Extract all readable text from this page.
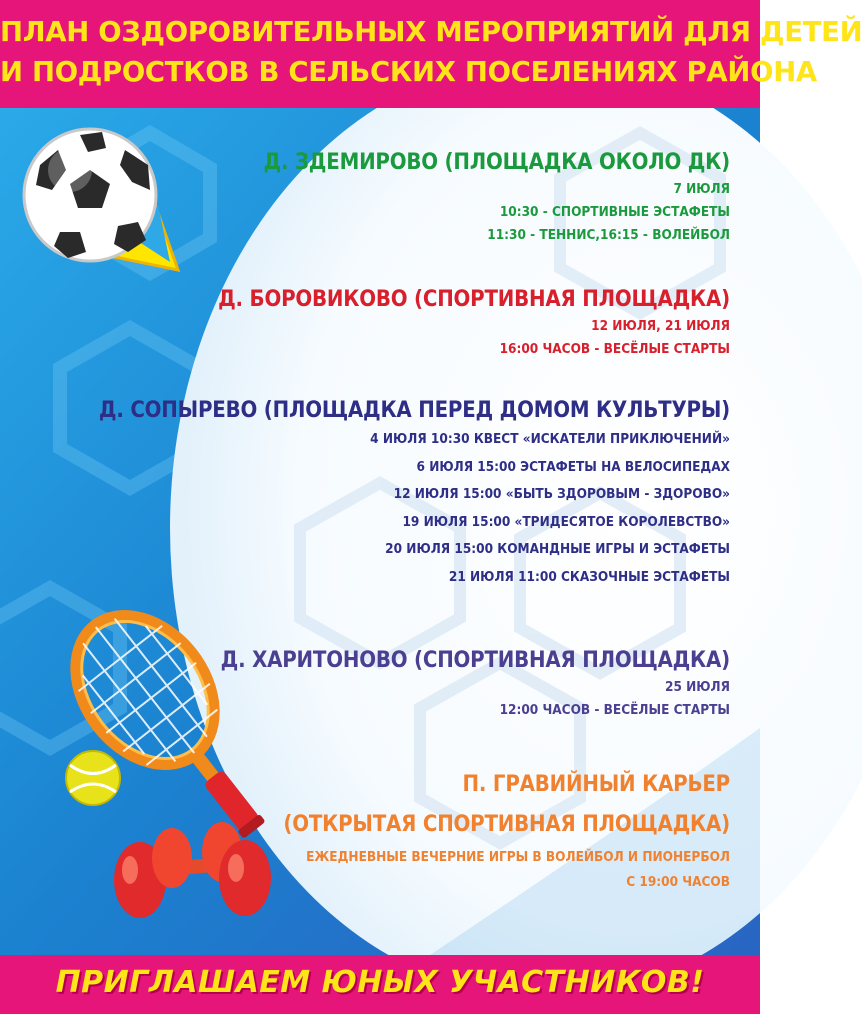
ПЛАН ОЗДОРОВИТЕЛЬНЫХ МЕРОПРИЯТИЙ ДЛЯ ДЕТЕЙ
И ПОДРОСТКОВ В СЕЛЬСКИХ ПОСЕЛЕНИЯХ РАЙОНА
Д. ЗДЕМИРОВО (ПЛОЩАДКА ОКОЛО ДК)

7 ИЮЛЯ

10:30 - СПОРТИВНЫЕ ЭСТАФЕТЫ

11:30 - ТЕННИС,16:15 - ВОЛЕЙБОЛ

Д. БОРОВИКОВО (СПОРТИВНАЯ ПЛОЩАДКА)

12 ИЮЛЯ, 21 ИЮЛЯ

16:00 ЧАСОВ - ВЕСЁЛЫЕ СТАРТЫ

Д. СОПЫРЕВО (ПЛОЩАДКА ПЕРЕД ДОМОМ КУЛЬТУРЫ)

4 ИЮЛЯ 10:30 КВЕСТ «ИСКАТЕЛИ ПРИКЛЮЧЕНИЙ»

6 ИЮЛЯ 15:00 ЭСТАФЕТЫ НА ВЕЛОСИПЕДАХ

12 ИЮЛЯ 15:00 «БЫТЬ ЗДОРОВЫМ - ЗДОРОВО»

19 ИЮЛЯ 15:00 «ТРИДЕСЯТОЕ КОРОЛЕВСТВО»

20 ИЮЛЯ 15:00 КОМАНДНЫЕ ИГРЫ И ЭСТАФЕТЫ

21 ИЮЛЯ 11:00 СКАЗОЧНЫЕ ЭСТАФЕТЫ

Д. ХАРИТОНОВО (СПОРТИВНАЯ ПЛОЩАДКА)

25 ИЮЛЯ

12:00 ЧАСОВ - ВЕСЁЛЫЕ СТАРТЫ

П. ГРАВИЙНЫЙ КАРЬЕР
(ОТКРЫТАЯ СПОРТИВНАЯ ПЛОЩАДКА)

ЕЖЕДНЕВНЫЕ ВЕЧЕРНИЕ ИГРЫ В ВОЛЕЙБОЛ И ПИОНЕРБОЛ

С 19:00 ЧАСОВ

ПРИГЛАШАЕМ ЮНЫХ УЧАСТНИКОВ!
